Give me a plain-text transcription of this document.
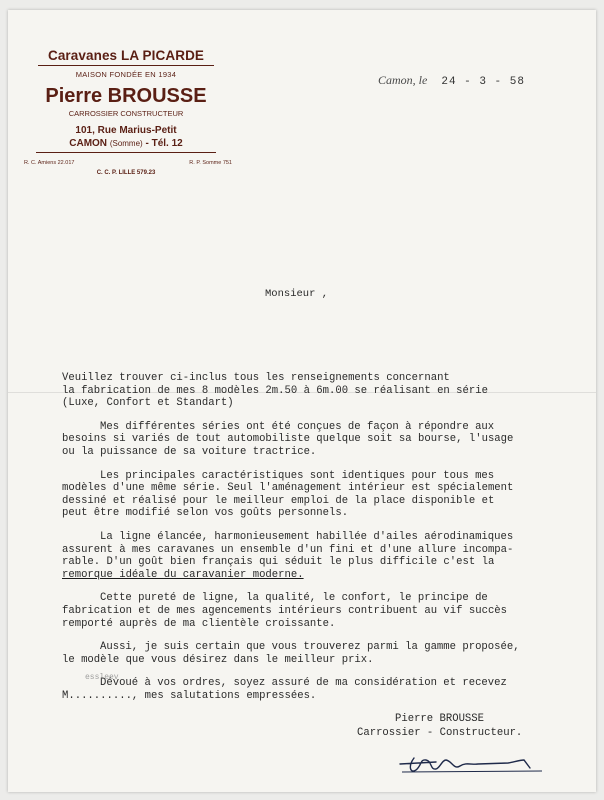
Caravanes LA PICARDE
MAISON FONDÉE EN 1934
Pierre BROUSSE
CARROSSIER CONSTRUCTEUR
101, Rue Marius-Petit
CAMON (Somme) - Tél. 12
R. C. Amiens 22.017	R. P. Somme 751
C. C. P. LILLE 579.23
Camon, le 24 - 3 - 58
Monsieur ,
Veuillez trouver ci-inclus tous les renseignements concernant
la fabrication de mes 8 modèles 2m.50 à 6m.00 se réalisant en série
(Luxe, Confort et Standart)
Mes différentes séries ont été conçues de façon à répondre aux
besoins si variés de tout automobiliste quelque soit sa bourse, l'usage
ou la puissance de sa voiture tractrice.
Les principales caractéristiques sont identiques pour tous mes
modèles d'une même série. Seul l'aménagement intérieur est spécialement
dessiné et réalisé pour le meilleur emploi de la place disponible et
peut être modifié selon vos goûts personnels.
La ligne élancée, harmonieusement habillée d'ailes aérodinamiques
assurent à mes caravanes un ensemble d'un fini et d'une allure incompa-
rable. D'un goût bien français qui séduit le plus difficile c'est la
remorque idéale du caravanier moderne.
Cette pureté de ligne, la qualité, le confort, le principe de
fabrication et de mes agencements intérieurs contribuent au vif succès
remporté auprès de ma clientèle croissante.
Aussi, je suis certain que vous trouverez parmi la gamme proposée,
le modèle que vous désirez dans le meilleur prix.
Dévoué à vos ordres, soyez assuré de ma considération et recevez
M.........., mes salutations empressées.
essleev
Pierre BROUSSE
Carrossier - Constructeur.
